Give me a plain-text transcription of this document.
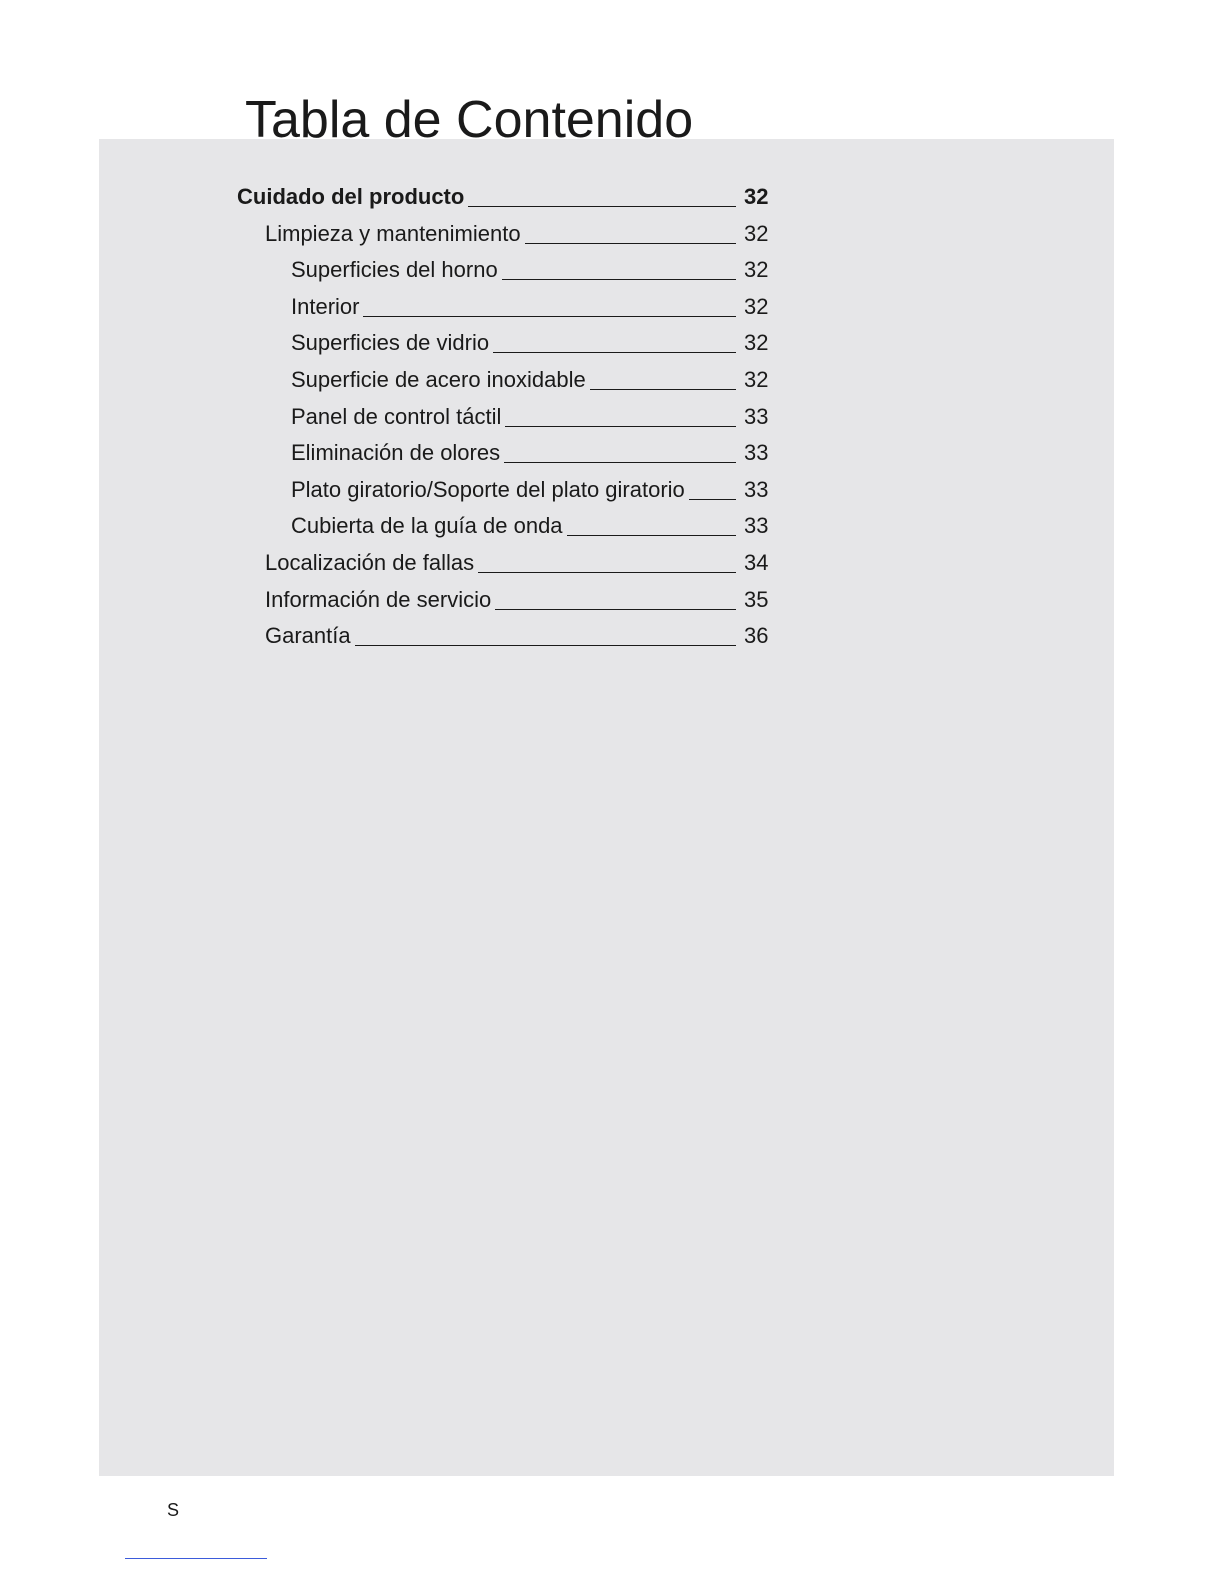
Tabla de Contenido
Cuidado del producto	32
Limpieza y mantenimiento	32
Superficies del horno	32
Interior	32
Superficies de vidrio	32
Superficie de acero inoxidable	32
Panel de control táctil	33
Eliminación de olores	33
Plato giratorio/Soporte del plato giratorio	33
Cubierta de la guía de onda	33
Localización de fallas	34
Información de servicio	35
Garantía	36
S
